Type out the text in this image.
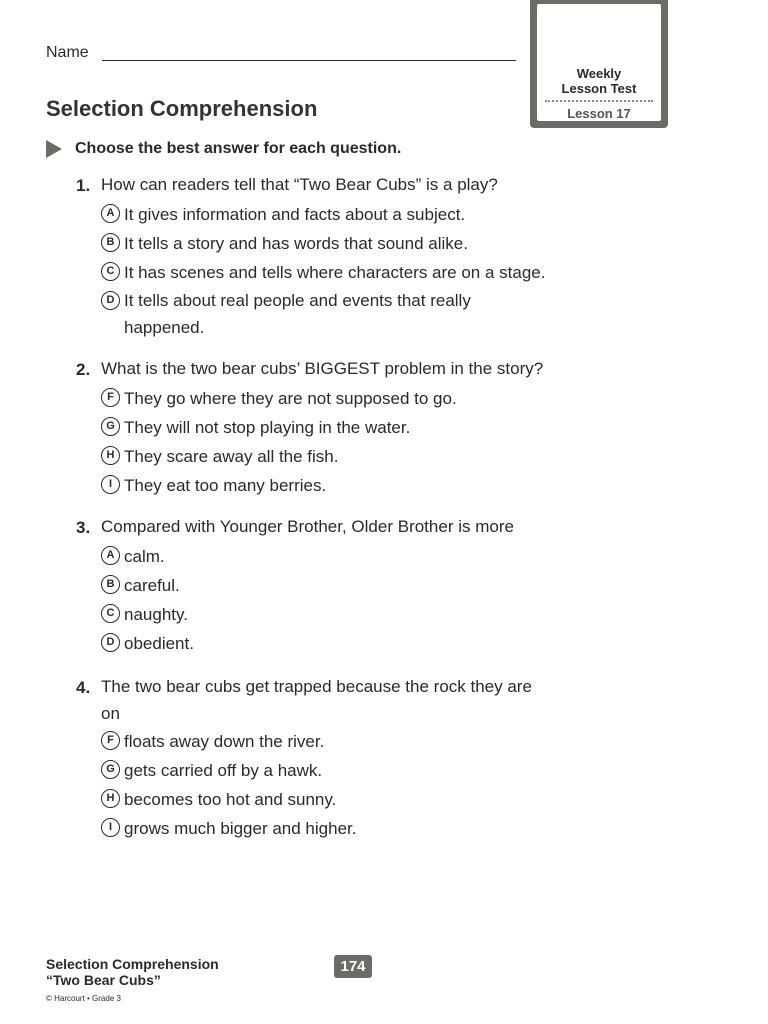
Name
Weekly
Lesson Test
Lesson 17
Selection Comprehension
Choose the best answer for each question.
1. How can readers tell that “Two Bear Cubs” is a play?
A It gives information and facts about a subject.
B It tells a story and has words that sound alike.
C It has scenes and tells where characters are on a stage.
D It tells about real people and events that really happened.
2. What is the two bear cubs’ BIGGEST problem in the story?
F They go where they are not supposed to go.
G They will not stop playing in the water.
H They scare away all the fish.
I They eat too many berries.
3. Compared with Younger Brother, Older Brother is more
A calm.
B careful.
C naughty.
D obedient.
4. The two bear cubs get trapped because the rock they are on
F floats away down the river.
G gets carried off by a hawk.
H becomes too hot and sunny.
I grows much bigger and higher.
Selection Comprehension
“Two Bear Cubs”
© Harcourt • Grade 3
174
